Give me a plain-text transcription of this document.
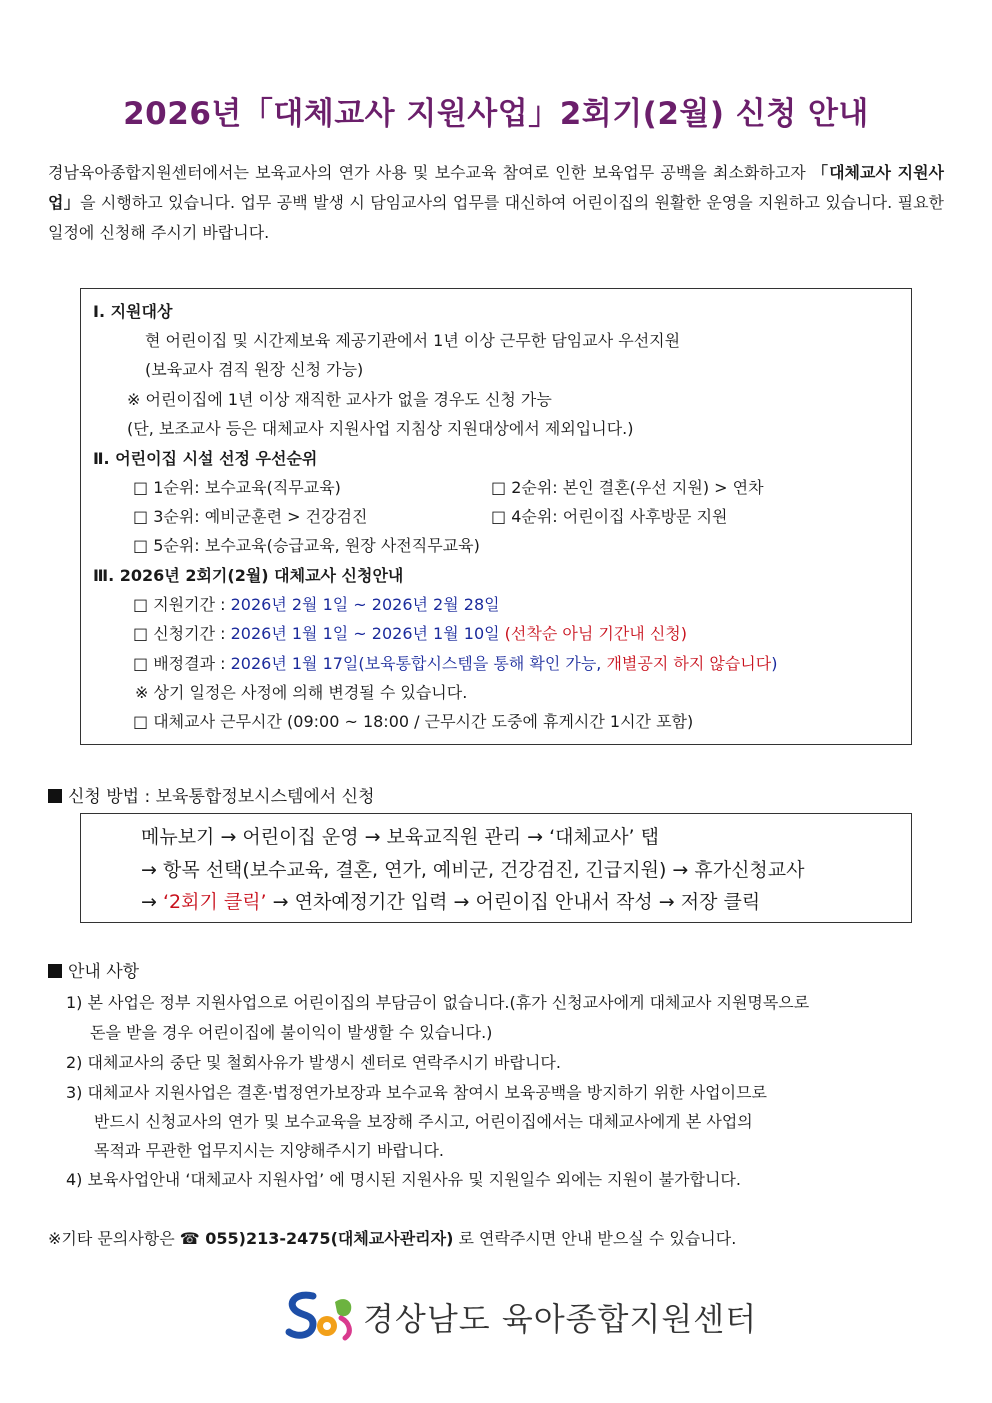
2026년「대체교사 지원사업」2회기(2월) 신청 안내
경남육아종합지원센터에서는 보육교사의 연가 사용 및 보수교육 참여로 인한 보육업무 공백을 최소화하고자 「대체교사 지원사업」을 시행하고 있습니다. 업무 공백 발생 시 담임교사의 업무를 대신하여 어린이집의 원활한 운영을 지원하고 있습니다. 필요한 일정에 신청해 주시기 바랍니다.
Ⅰ. 지원대상
현 어린이집 및 시간제보육 제공기관에서 1년 이상 근무한 담임교사 우선지원
(보육교사 겸직 원장 신청 가능)
※ 어린이집에 1년 이상 재직한 교사가 없을 경우도 신청 가능
(단, 보조교사 등은 대체교사 지원사업 지침상 지원대상에서 제외입니다.)
Ⅱ. 어린이집 시설 선정 우선순위
□ 1순위: 보수교육(직무교육)	□ 2순위: 본인 결혼(우선 지원) > 연차
□ 3순위: 예비군훈련 > 건강검진	□ 4순위: 어린이집 사후방문 지원
□ 5순위: 보수교육(승급교육, 원장 사전직무교육)
Ⅲ. 2026년 2회기(2월) 대체교사 신청안내
□ 지원기간 : 2026년 2월 1일 ~ 2026년 2월 28일
□ 신청기간 : 2026년 1월 1일 ~ 2026년 1월 10일 (선착순 아님 기간내 신청)
□ 배정결과 : 2026년 1월 17일(보육통합시스템을 통해 확인 가능, 개별공지 하지 않습니다)
※ 상기 일정은 사정에 의해 변경될 수 있습니다.
□ 대체교사 근무시간 (09:00 ~ 18:00 / 근무시간 도중에 휴게시간 1시간 포함)
신청 방법 : 보육통합정보시스템에서 신청
메뉴보기 → 어린이집 운영 → 보육교직원 관리 → ‘대체교사’ 탭
→ 항목 선택(보수교육, 결혼, 연가, 예비군, 건강검진, 긴급지원) → 휴가신청교사
→ ‘2회기 클릭’ → 연차예정기간 입력 → 어린이집 안내서 작성 → 저장 클릭
안내 사항
1) 본 사업은 정부 지원사업으로 어린이집의 부담금이 없습니다.(휴가 신청교사에게 대체교사 지원명목으로
돈을 받을 경우 어린이집에 불이익이 발생할 수 있습니다.)
2) 대체교사의 중단 및 철회사유가 발생시 센터로 연락주시기 바랍니다.
3) 대체교사 지원사업은 결혼·법정연가보장과 보수교육 참여시 보육공백을 방지하기 위한 사업이므로
반드시 신청교사의 연가 및 보수교육을 보장해 주시고, 어린이집에서는 대체교사에게 본 사업의
목적과 무관한 업무지시는 지양해주시기 바랍니다.
4) 보육사업안내 ‘대체교사 지원사업’ 에 명시된 지원사유 및 지원일수 외에는 지원이 불가합니다.
※기타 문의사항은 ☎ 055)213-2475(대체교사관리자) 로 연락주시면 안내 받으실 수 있습니다.
경상남도 육아종합지원센터
